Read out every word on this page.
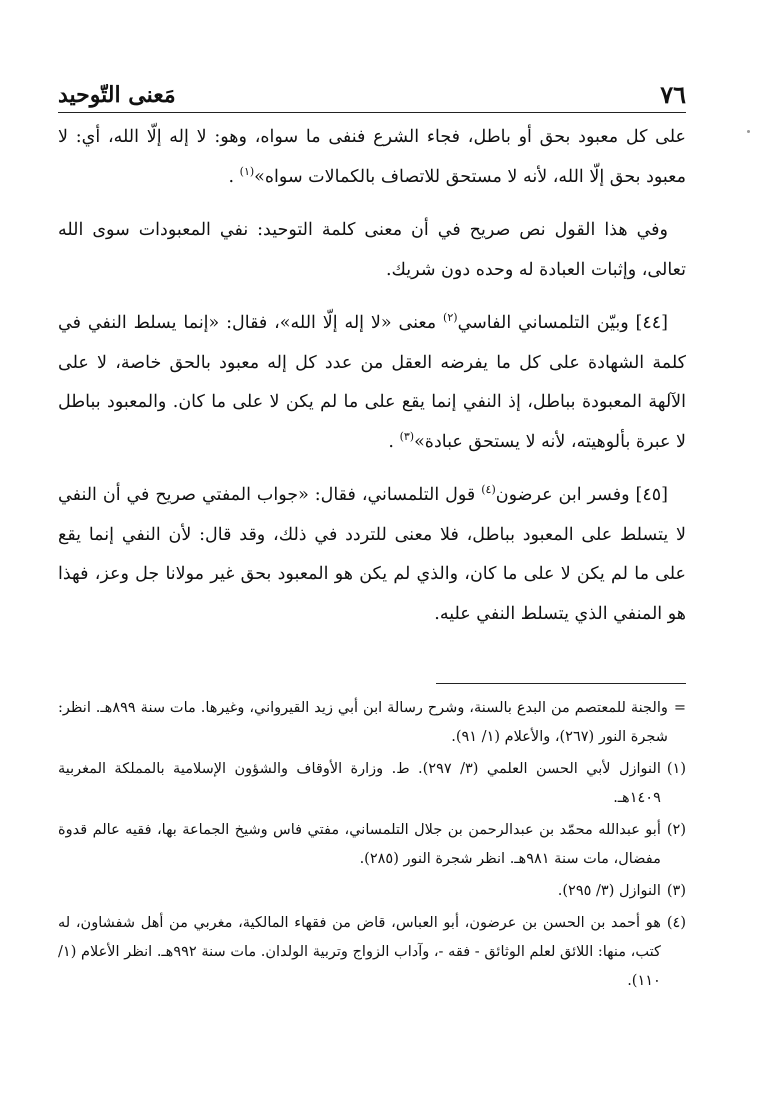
٧٦
مَعنى التّوحيد

على كل معبود بحق أو باطل، فجاء الشرع فنفى ما سواه، وهو: لا إله إلّا الله، أي: لا معبود بحق إلّا الله، لأنه لا مستحق للاتصاف بالكمالات سواه»$^{(١)}$ .

وفي هذا القول نص صريح في أن معنى كلمة التوحيد: نفي المعبودات سوى الله تعالى، وإثبات العبادة له وحده دون شريك.

[٤٤] وبيّن التلمساني الفاسي$^{(٢)}$ معنى «لا إله إلّا الله»، فقال: «إنما يسلط النفي في كلمة الشهادة على كل ما يفرضه العقل من عدد كل إله معبود بالحق خاصة، لا على الآلهة المعبودة بباطل، إذ النفي إنما يقع على ما لم يكن لا على ما كان. والمعبود بباطل لا عبرة بألوهيته، لأنه لا يستحق عبادة»$^{(٣)}$ .

[٤٥] وفسر ابن عرضون$^{(٤)}$ قول التلمساني، فقال: «جواب المفتي صريح في أن النفي لا يتسلط على المعبود بباطل، فلا معنى للتردد في ذلك، وقد قال: لأن النفي إنما يقع على ما لم يكن لا على ما كان، والذي لم يكن هو المعبود بحق غير مولانا جل وعز، فهذا هو المنفي الذي يتسلط النفي عليه.

=
والجنة للمعتصم من البدع بالسنة، وشرح رسالة ابن أبي زيد القيرواني، وغيرها. مات سنة ٨٩٩هـ. انظر: شجرة النور (٢٦٧)، والأعلام (١/ ٩١).
(١)
النوازل لأبي الحسن العلمي (٣/ ٢٩٧). ط. وزارة الأوقاف والشؤون الإسلامية بالمملكة المغربية ١٤٠٩هـ.
(٢)
أبو عبدالله محمّد بن عبدالرحمن بن جلال التلمساني، مفتي فاس وشيخ الجماعة بها، فقيه عالم قدوة مفضال، مات سنة ٩٨١هـ. انظر شجرة النور (٢٨٥).
(٣)
النوازل (٣/ ٢٩٥).
(٤)
هو أحمد بن الحسن بن عرضون، أبو العباس، قاض من فقهاء المالكية، مغربي من أهل شفشاون، له كتب، منها: اللائق لعلم الوثائق - فقه -، وآداب الزواج وتربية الولدان. مات سنة ٩٩٢هـ. انظر الأعلام (١/ ١١٠).
